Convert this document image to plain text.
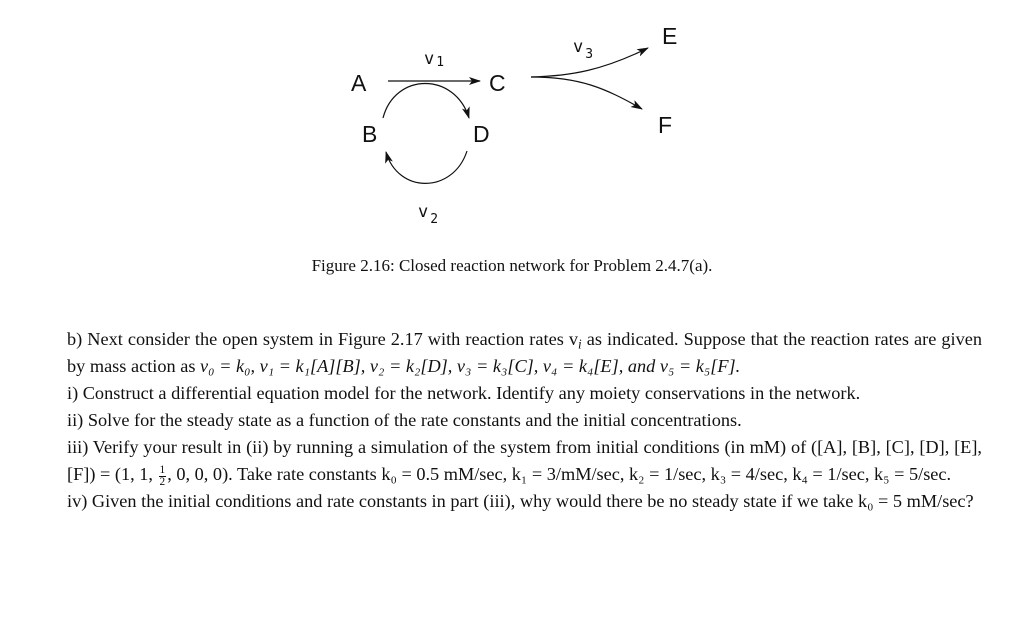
A
B
C
D
E
F
v 1
v $_2$
v $_3$
Figure 2.16: Closed reaction network for Problem 2.4.7(a).

b) Next consider the open system in Figure 2.17 with reaction rates $v_i$ as indicated. Suppose that the reaction rates are given by mass action as v₀ = k₀, v₁ = k₁[A][B], v₂ = k₂[D], v₃ = k₃[C], v₄ = k₄[E], and v₅ = k₅[F].

i) Construct a differential equation model for the network. Identify any moiety conservations in the network.

ii) Solve for the steady state as a function of the rate constants and the initial concentrations.

iii) Verify your result in (ii) by running a simulation of the system from initial conditions (in mM) of ([A], [B], [C], [D], [E], [F]) = (1, 1, $\frac{1}{2}$ , 0, 0, 0). Take rate constants k₀ = 0.5 mM/sec, k₁ = 3/mM/sec, k₂ = 1/sec, k₃ = 4/sec, k₄ = 1/sec, k₅ = 5/sec.

iv) Given the initial conditions and rate constants in part (iii), why would there be no steady state if we take k₀ = 5 mM/sec?
